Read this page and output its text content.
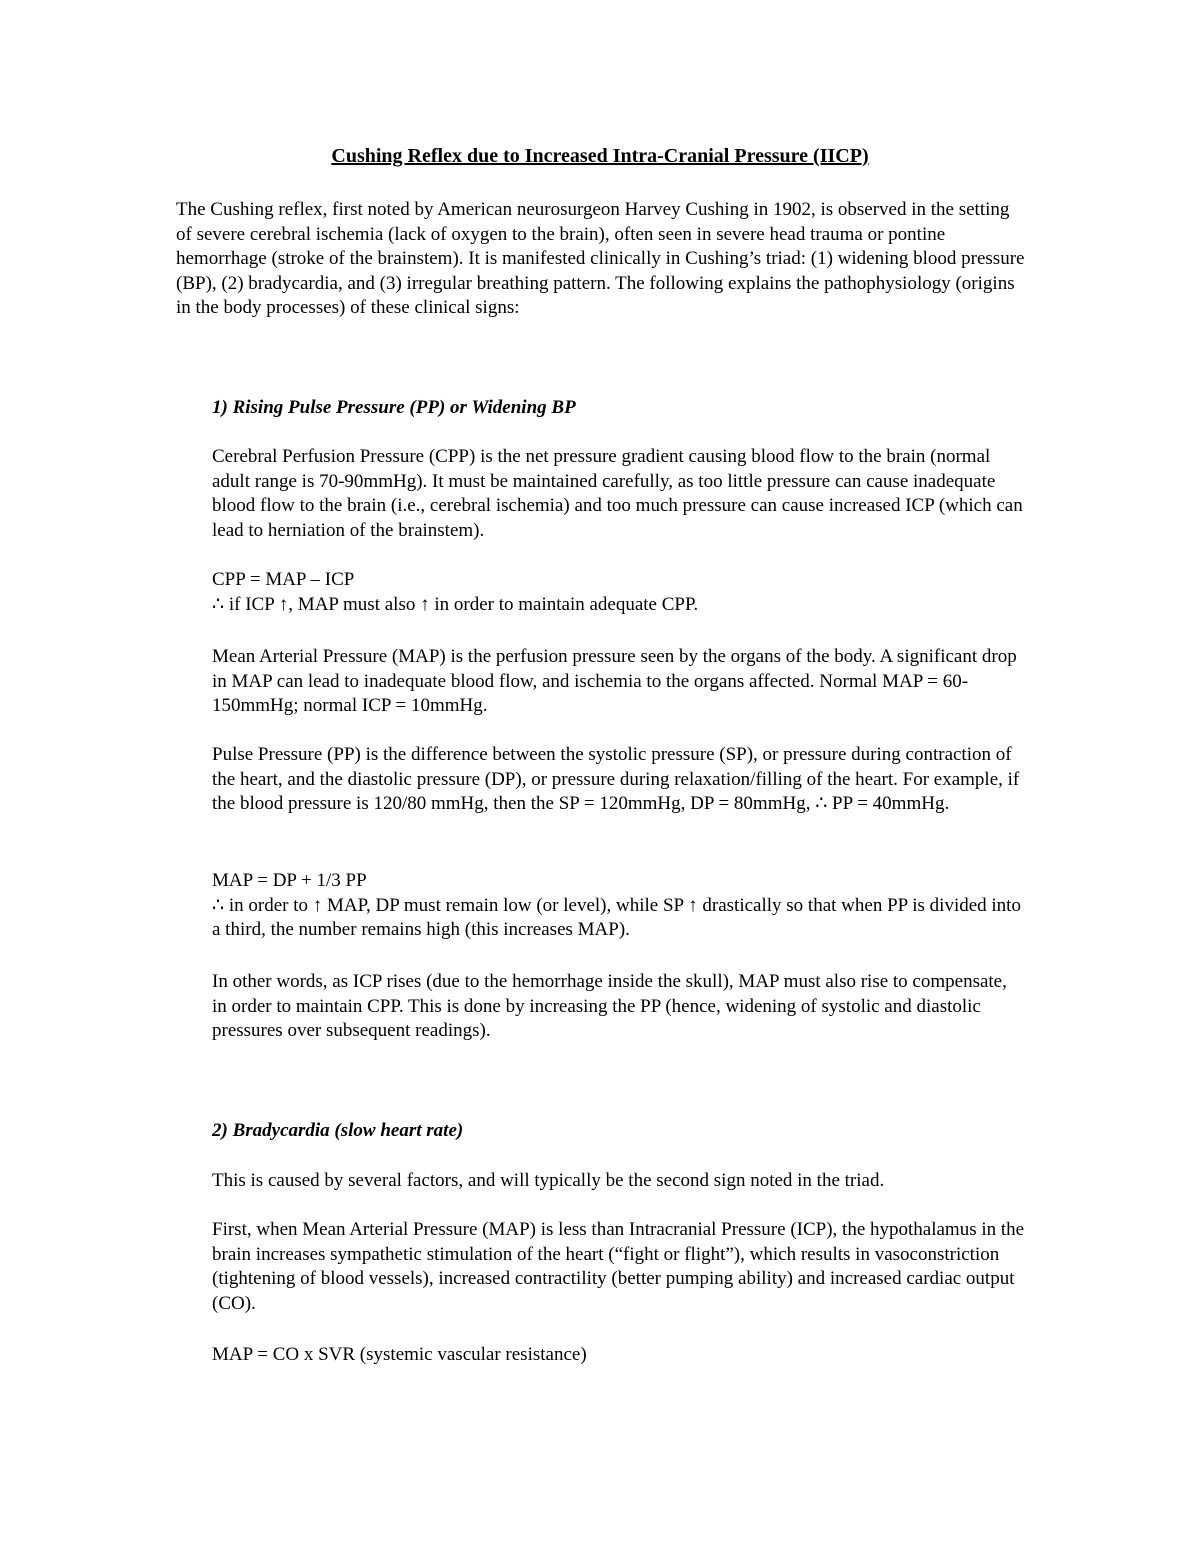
Cushing Reflex due to Increased Intra-Cranial Pressure (IICP)

The Cushing reflex, first noted by American neurosurgeon Harvey Cushing in 1902, is observed in the setting of severe cerebral ischemia (lack of oxygen to the brain), often seen in severe head trauma or pontine hemorrhage (stroke of the brainstem). It is manifested clinically in Cushing’s triad: (1) widening blood pressure (BP), (2) bradycardia, and (3) irregular breathing pattern. The following explains the pathophysiology (origins in the body processes) of these clinical signs:

1) Rising Pulse Pressure (PP) or Widening BP

Cerebral Perfusion Pressure (CPP) is the net pressure gradient causing blood flow to the brain (normal adult range is 70-90mmHg). It must be maintained carefully, as too little pressure can cause inadequate blood flow to the brain (i.e., cerebral ischemia) and too much pressure can cause increased ICP (which can lead to herniation of the brainstem).

CPP = MAP – ICP
∴ if ICP ↑, MAP must also ↑ in order to maintain adequate CPP.

Mean Arterial Pressure (MAP) is the perfusion pressure seen by the organs of the body. A significant drop in MAP can lead to inadequate blood flow, and ischemia to the organs affected. Normal MAP = 60-150mmHg; normal ICP = 10mmHg.

Pulse Pressure (PP) is the difference between the systolic pressure (SP), or pressure during contraction of the heart, and the diastolic pressure (DP), or pressure during relaxation/filling of the heart. For example, if the blood pressure is 120/80 mmHg, then the SP = 120mmHg, DP = 80mmHg, ∴ PP = 40mmHg.

MAP = DP + 1/3 PP
∴ in order to ↑ MAP, DP must remain low (or level), while SP ↑ drastically so that when PP is divided into a third, the number remains high (this increases MAP).

In other words, as ICP rises (due to the hemorrhage inside the skull), MAP must also rise to compensate, in order to maintain CPP. This is done by increasing the PP (hence, widening of systolic and diastolic pressures over subsequent readings).

2) Bradycardia (slow heart rate)

This is caused by several factors, and will typically be the second sign noted in the triad.

First, when Mean Arterial Pressure (MAP) is less than Intracranial Pressure (ICP), the hypothalamus in the brain increases sympathetic stimulation of the heart (“fight or flight”), which results in vasoconstriction (tightening of blood vessels), increased contractility (better pumping ability) and increased cardiac output (CO).

MAP = CO x SVR (systemic vascular resistance)
